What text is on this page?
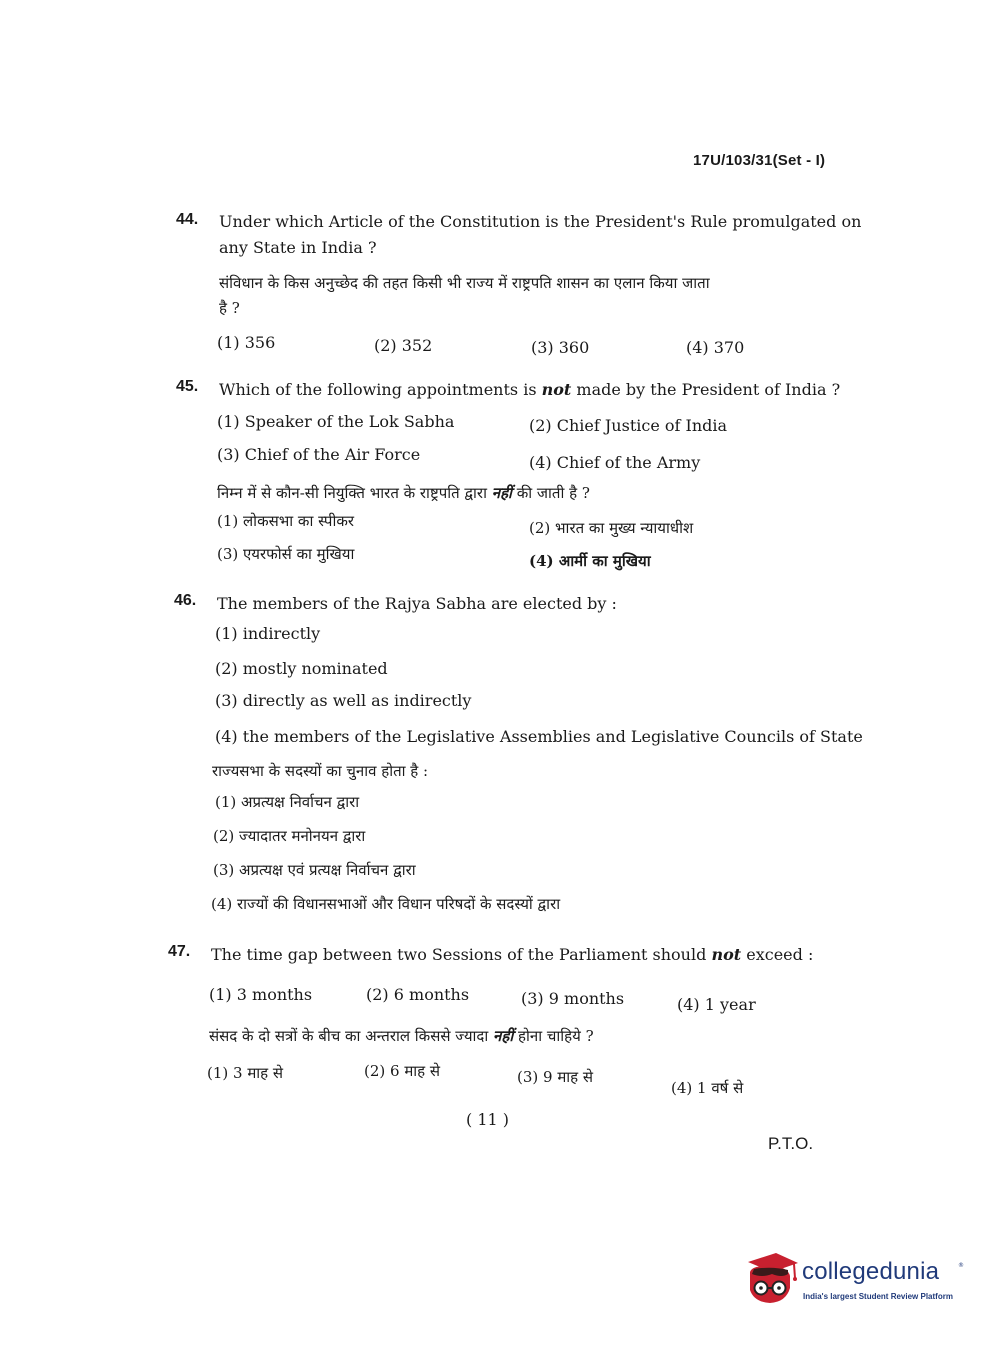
17U/103/31(Set - I)
44. Under which Article of the Constitution is the President's Rule promulgated on
any State in India ?
संविधान के किस अनुच्छेद की तहत किसी भी राज्य में राष्ट्रपति शासन का एलान किया जाता
है ?
(1) 356	(2) 352	(3) 360	(4) 370
45. Which of the following appointments is not made by the President of India ?
(1) Speaker of the Lok Sabha	(2) Chief Justice of India
(3) Chief of the Air Force	(4) Chief of the Army
निम्न में से कौन-सी नियुक्ति भारत के राष्ट्रपति द्वारा नहीं की जाती है ?
(1) लोकसभा का स्पीकर	(2) भारत का मुख्य न्यायाधीश
(3) एयरफोर्स का मुखिया	(4) आर्मी का मुखिया
46. The members of the Rajya Sabha are elected by :
(1) indirectly
(2) mostly nominated
(3) directly as well as indirectly
(4) the members of the Legislative Assemblies and Legislative Councils of State
राज्यसभा के सदस्यों का चुनाव होता है :
(1) अप्रत्यक्ष निर्वाचन द्वारा
(2) ज्यादातर मनोनयन द्वारा
(3) अप्रत्यक्ष एवं प्रत्यक्ष निर्वाचन द्वारा
(4) राज्यों की विधानसभाओं और विधान परिषदों के सदस्यों द्वारा
47. The time gap between two Sessions of the Parliament should not exceed :
(1) 3 months	(2) 6 months	(3) 9 months	(4) 1 year
संसद के दो सत्रों के बीच का अन्तराल किससे ज्यादा नहीं होना चाहिये ?
(1) 3 माह से	(2) 6 माह से	(3) 9 माह से
(4) 1 वर्ष से
( 11 )
P.T.O.
collegedunia	®
India's largest Student Review Platform
